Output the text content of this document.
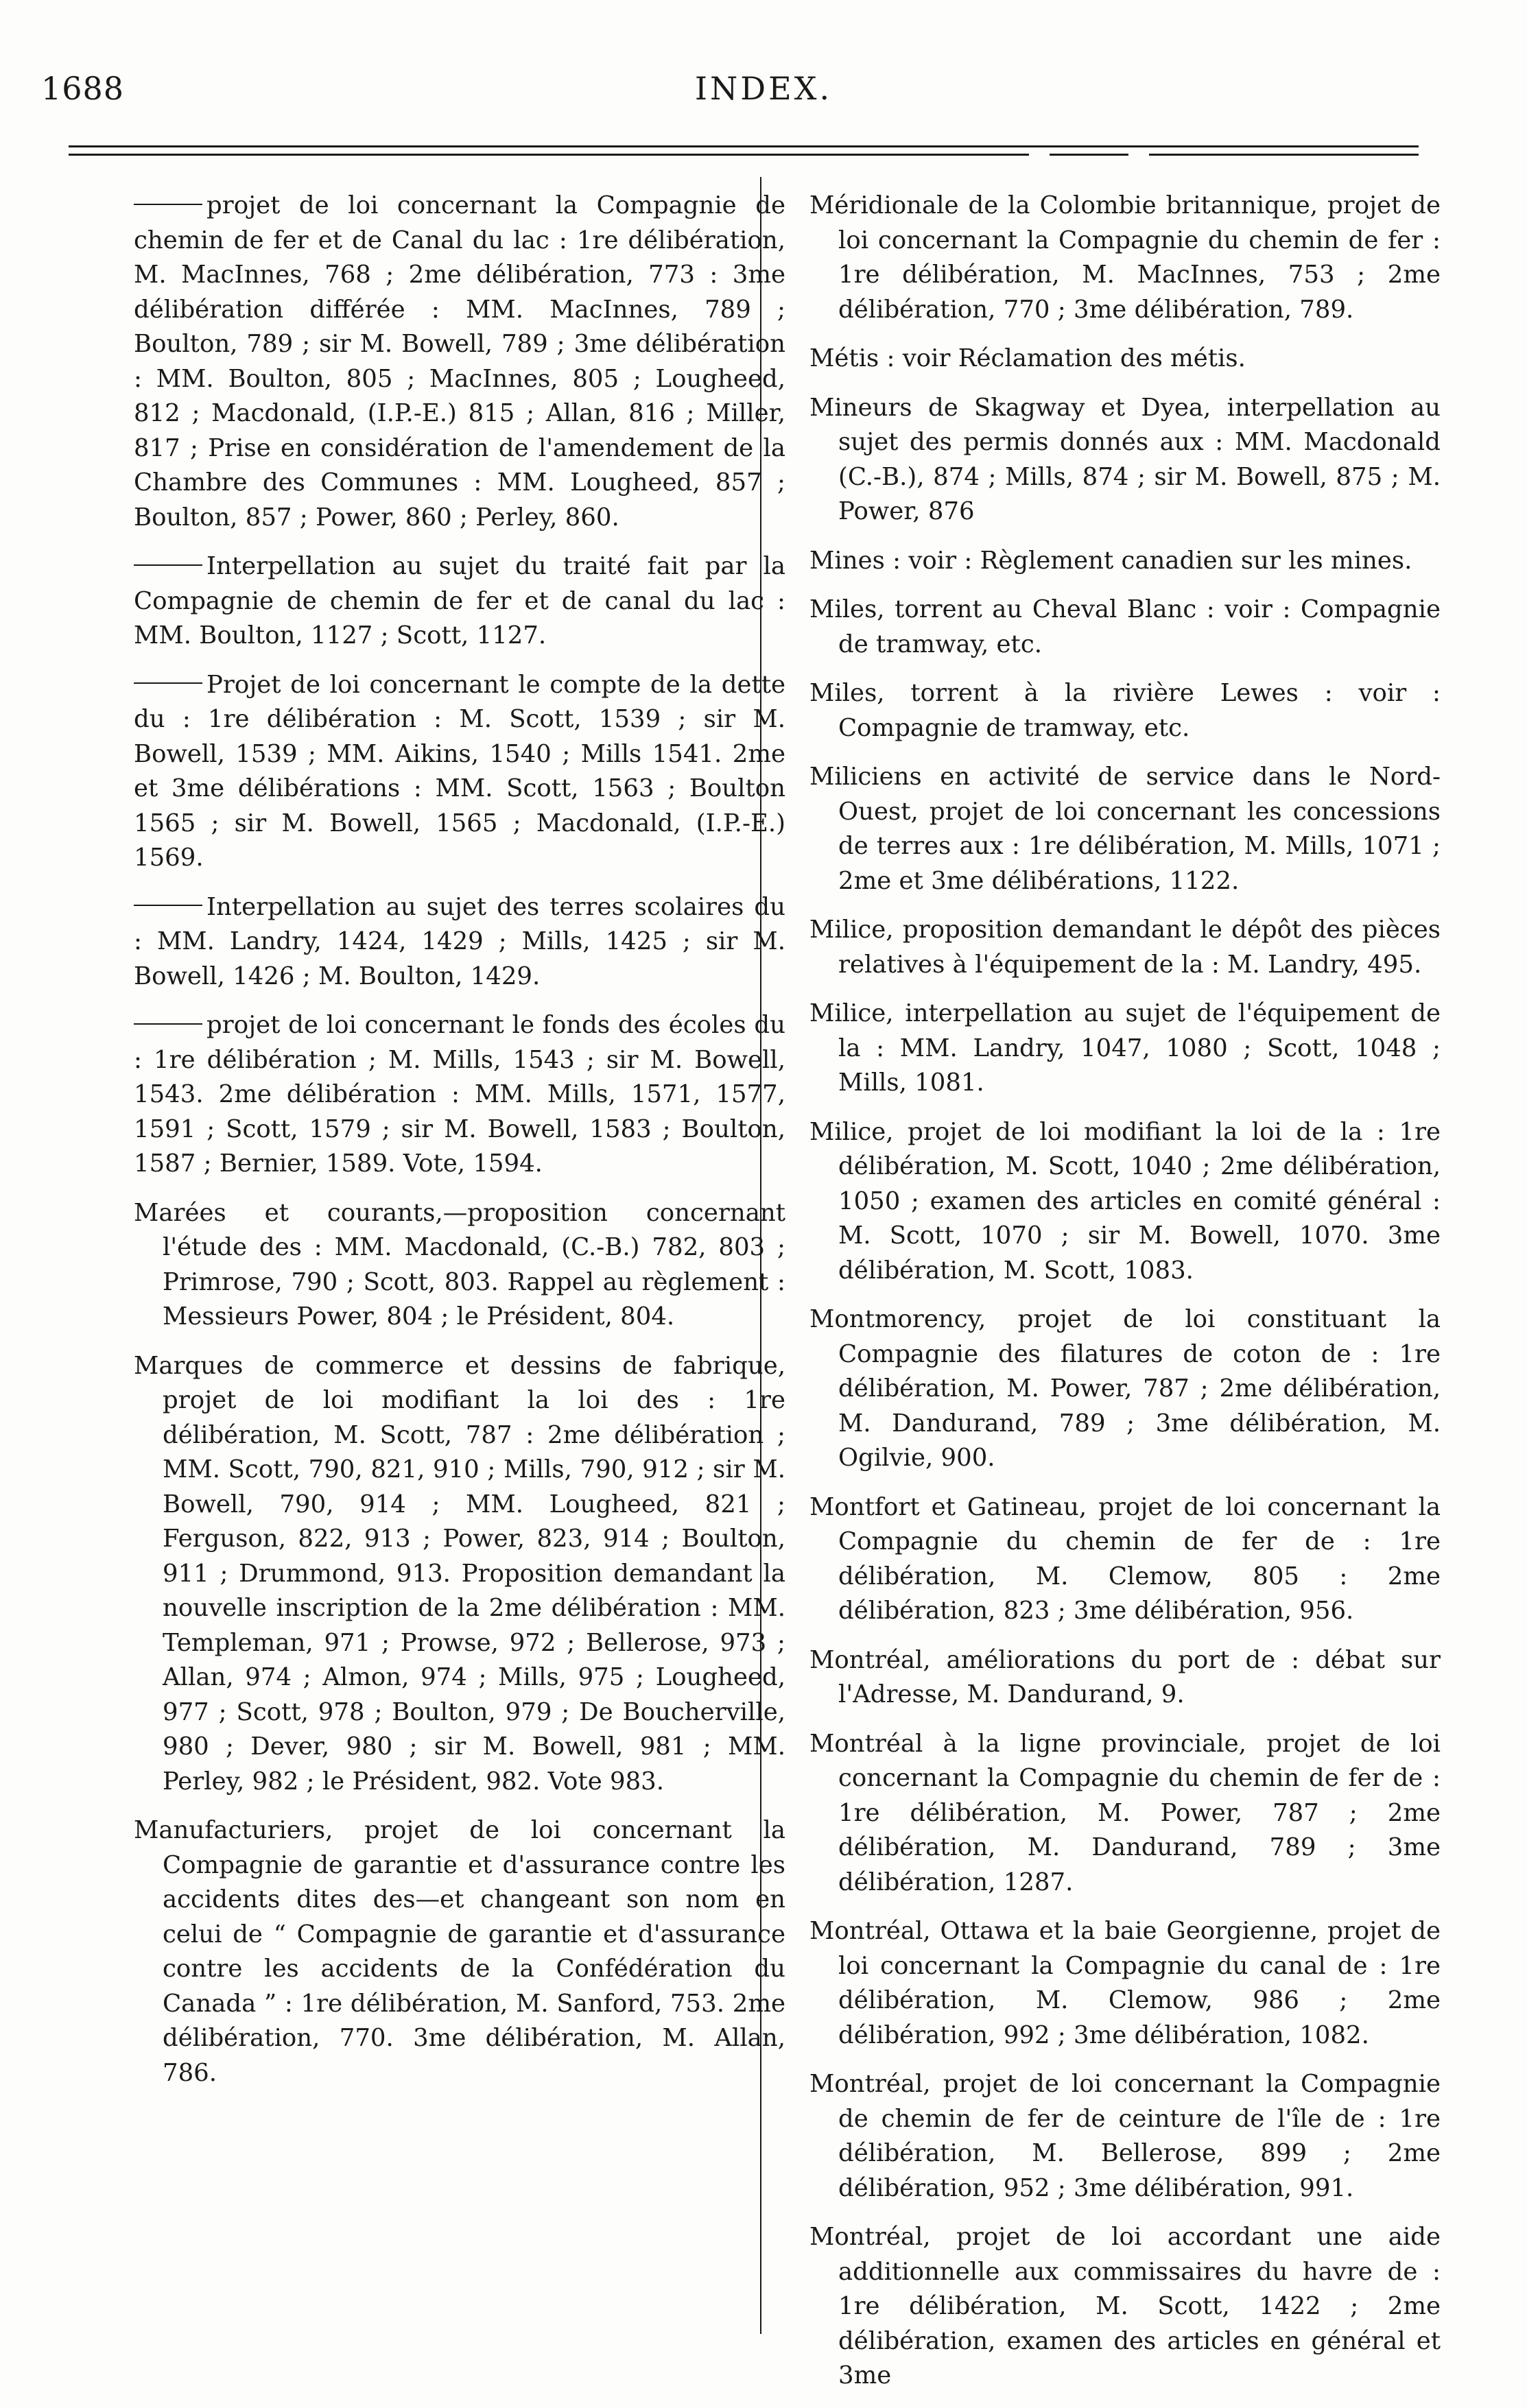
1688	INDEX.

projet de loi concernant la Compagnie de chemin de fer et de Canal du lac : 1re délibération, M. MacInnes, 768 ; 2me délibération, 773 : 3me délibération différée : MM. MacInnes, 789 ; Boulton, 789 ; sir M. Bowell, 789 ; 3me délibération : MM. Boulton, 805 ; MacInnes, 805 ; Lougheed, 812 ; Macdonald, (I.P.-E.) 815 ; Allan, 816 ; Miller, 817 ; Prise en considération de l'amendement de la Chambre des Communes : MM. Lougheed, 857 ; Boulton, 857 ; Power, 860 ; Perley, 860.

Interpellation au sujet du traité fait par la Compagnie de chemin de fer et de canal du lac : MM. Boulton, 1127 ; Scott, 1127.

Projet de loi concernant le compte de la dette du : 1re délibération : M. Scott, 1539 ; sir M. Bowell, 1539 ; MM. Aikins, 1540 ; Mills 1541. 2me et 3me délibérations : MM. Scott, 1563 ; Boulton 1565 ; sir M. Bowell, 1565 ; Macdonald, (I.P.-E.) 1569.

Interpellation au sujet des terres scolaires du : MM. Landry, 1424, 1429 ; Mills, 1425 ; sir M. Bowell, 1426 ; M. Boulton, 1429.

projet de loi concernant le fonds des écoles du : 1re délibération ; M. Mills, 1543 ; sir M. Bowell, 1543. 2me délibération : MM. Mills, 1571, 1577, 1591 ; Scott, 1579 ; sir M. Bowell, 1583 ; Boulton, 1587 ; Bernier, 1589. Vote, 1594.

Marées et courants,—proposition concernant l'étude des : MM. Macdonald, (C.-B.) 782, 803 ; Primrose, 790 ; Scott, 803. Rappel au règlement : Messieurs Power, 804 ; le Président, 804.

Marques de commerce et dessins de fabrique, projet de loi modifiant la loi des : 1re délibération, M. Scott, 787 : 2me délibération ; MM. Scott, 790, 821, 910 ; Mills, 790, 912 ; sir M. Bowell, 790, 914 ; MM. Lougheed, 821 ; Ferguson, 822, 913 ; Power, 823, 914 ; Boulton, 911 ; Drummond, 913. Proposition demandant la nouvelle inscription de la 2me délibération : MM. Templeman, 971 ; Prowse, 972 ; Bellerose, 973 ; Allan, 974 ; Almon, 974 ; Mills, 975 ; Lougheed, 977 ; Scott, 978 ; Boulton, 979 ; De Boucherville, 980 ; Dever, 980 ; sir M. Bowell, 981 ; MM. Perley, 982 ; le Président, 982. Vote 983.

Manufacturiers, projet de loi concernant la Compagnie de garantie et d'assurance contre les accidents dites des—et changeant son nom en celui de “ Compagnie de garantie et d'assurance contre les accidents de la Confédération du Canada ” : 1re délibération, M. Sanford, 753. 2me délibération, 770. 3me délibération, M. Allan, 786.

Méridionale de la Colombie britannique, projet de loi concernant la Compagnie du chemin de fer : 1re délibération, M. MacInnes, 753 ; 2me délibération, 770 ; 3me délibération, 789.

Métis : voir Réclamation des métis.

Mineurs de Skagway et Dyea, interpellation au sujet des permis donnés aux : MM. Macdonald (C.-B.), 874 ; Mills, 874 ; sir M. Bowell, 875 ; M. Power, 876

Mines : voir : Règlement canadien sur les mines.

Miles, torrent au Cheval Blanc : voir : Compagnie de tramway, etc.

Miles, torrent à la rivière Lewes : voir : Compagnie de tramway, etc.

Miliciens en activité de service dans le Nord-Ouest, projet de loi concernant les concessions de terres aux : 1re délibération, M. Mills, 1071 ; 2me et 3me délibérations, 1122.

Milice, proposition demandant le dépôt des pièces relatives à l'équipement de la : M. Landry, 495.

Milice, interpellation au sujet de l'équipement de la : MM. Landry, 1047, 1080 ; Scott, 1048 ; Mills, 1081.

Milice, projet de loi modifiant la loi de la : 1re délibération, M. Scott, 1040 ; 2me délibération, 1050 ; examen des articles en comité général : M. Scott, 1070 ; sir M. Bowell, 1070. 3me délibération, M. Scott, 1083.

Montmorency, projet de loi constituant la Compagnie des filatures de coton de : 1re délibération, M. Power, 787 ; 2me délibération, M. Dandurand, 789 ; 3me délibération, M. Ogilvie, 900.

Montfort et Gatineau, projet de loi concernant la Compagnie du chemin de fer de : 1re délibération, M. Clemow, 805 : 2me délibération, 823 ; 3me délibération, 956.

Montréal, améliorations du port de : débat sur l'Adresse, M. Dandurand, 9.

Montréal à la ligne provinciale, projet de loi concernant la Compagnie du chemin de fer de : 1re délibération, M. Power, 787 ; 2me délibération, M. Dandurand, 789 ; 3me délibération, 1287.

Montréal, Ottawa et la baie Georgienne, projet de loi concernant la Compagnie du canal de : 1re délibération, M. Clemow, 986 ; 2me délibération, 992 ; 3me délibération, 1082.

Montréal, projet de loi concernant la Compagnie de chemin de fer de ceinture de l'île de : 1re délibération, M. Bellerose, 899 ; 2me délibération, 952 ; 3me délibération, 991.

Montréal, projet de loi accordant une aide additionnelle aux commissaires du havre de : 1re délibération, M. Scott, 1422 ; 2me délibération, examen des articles en général et 3me
